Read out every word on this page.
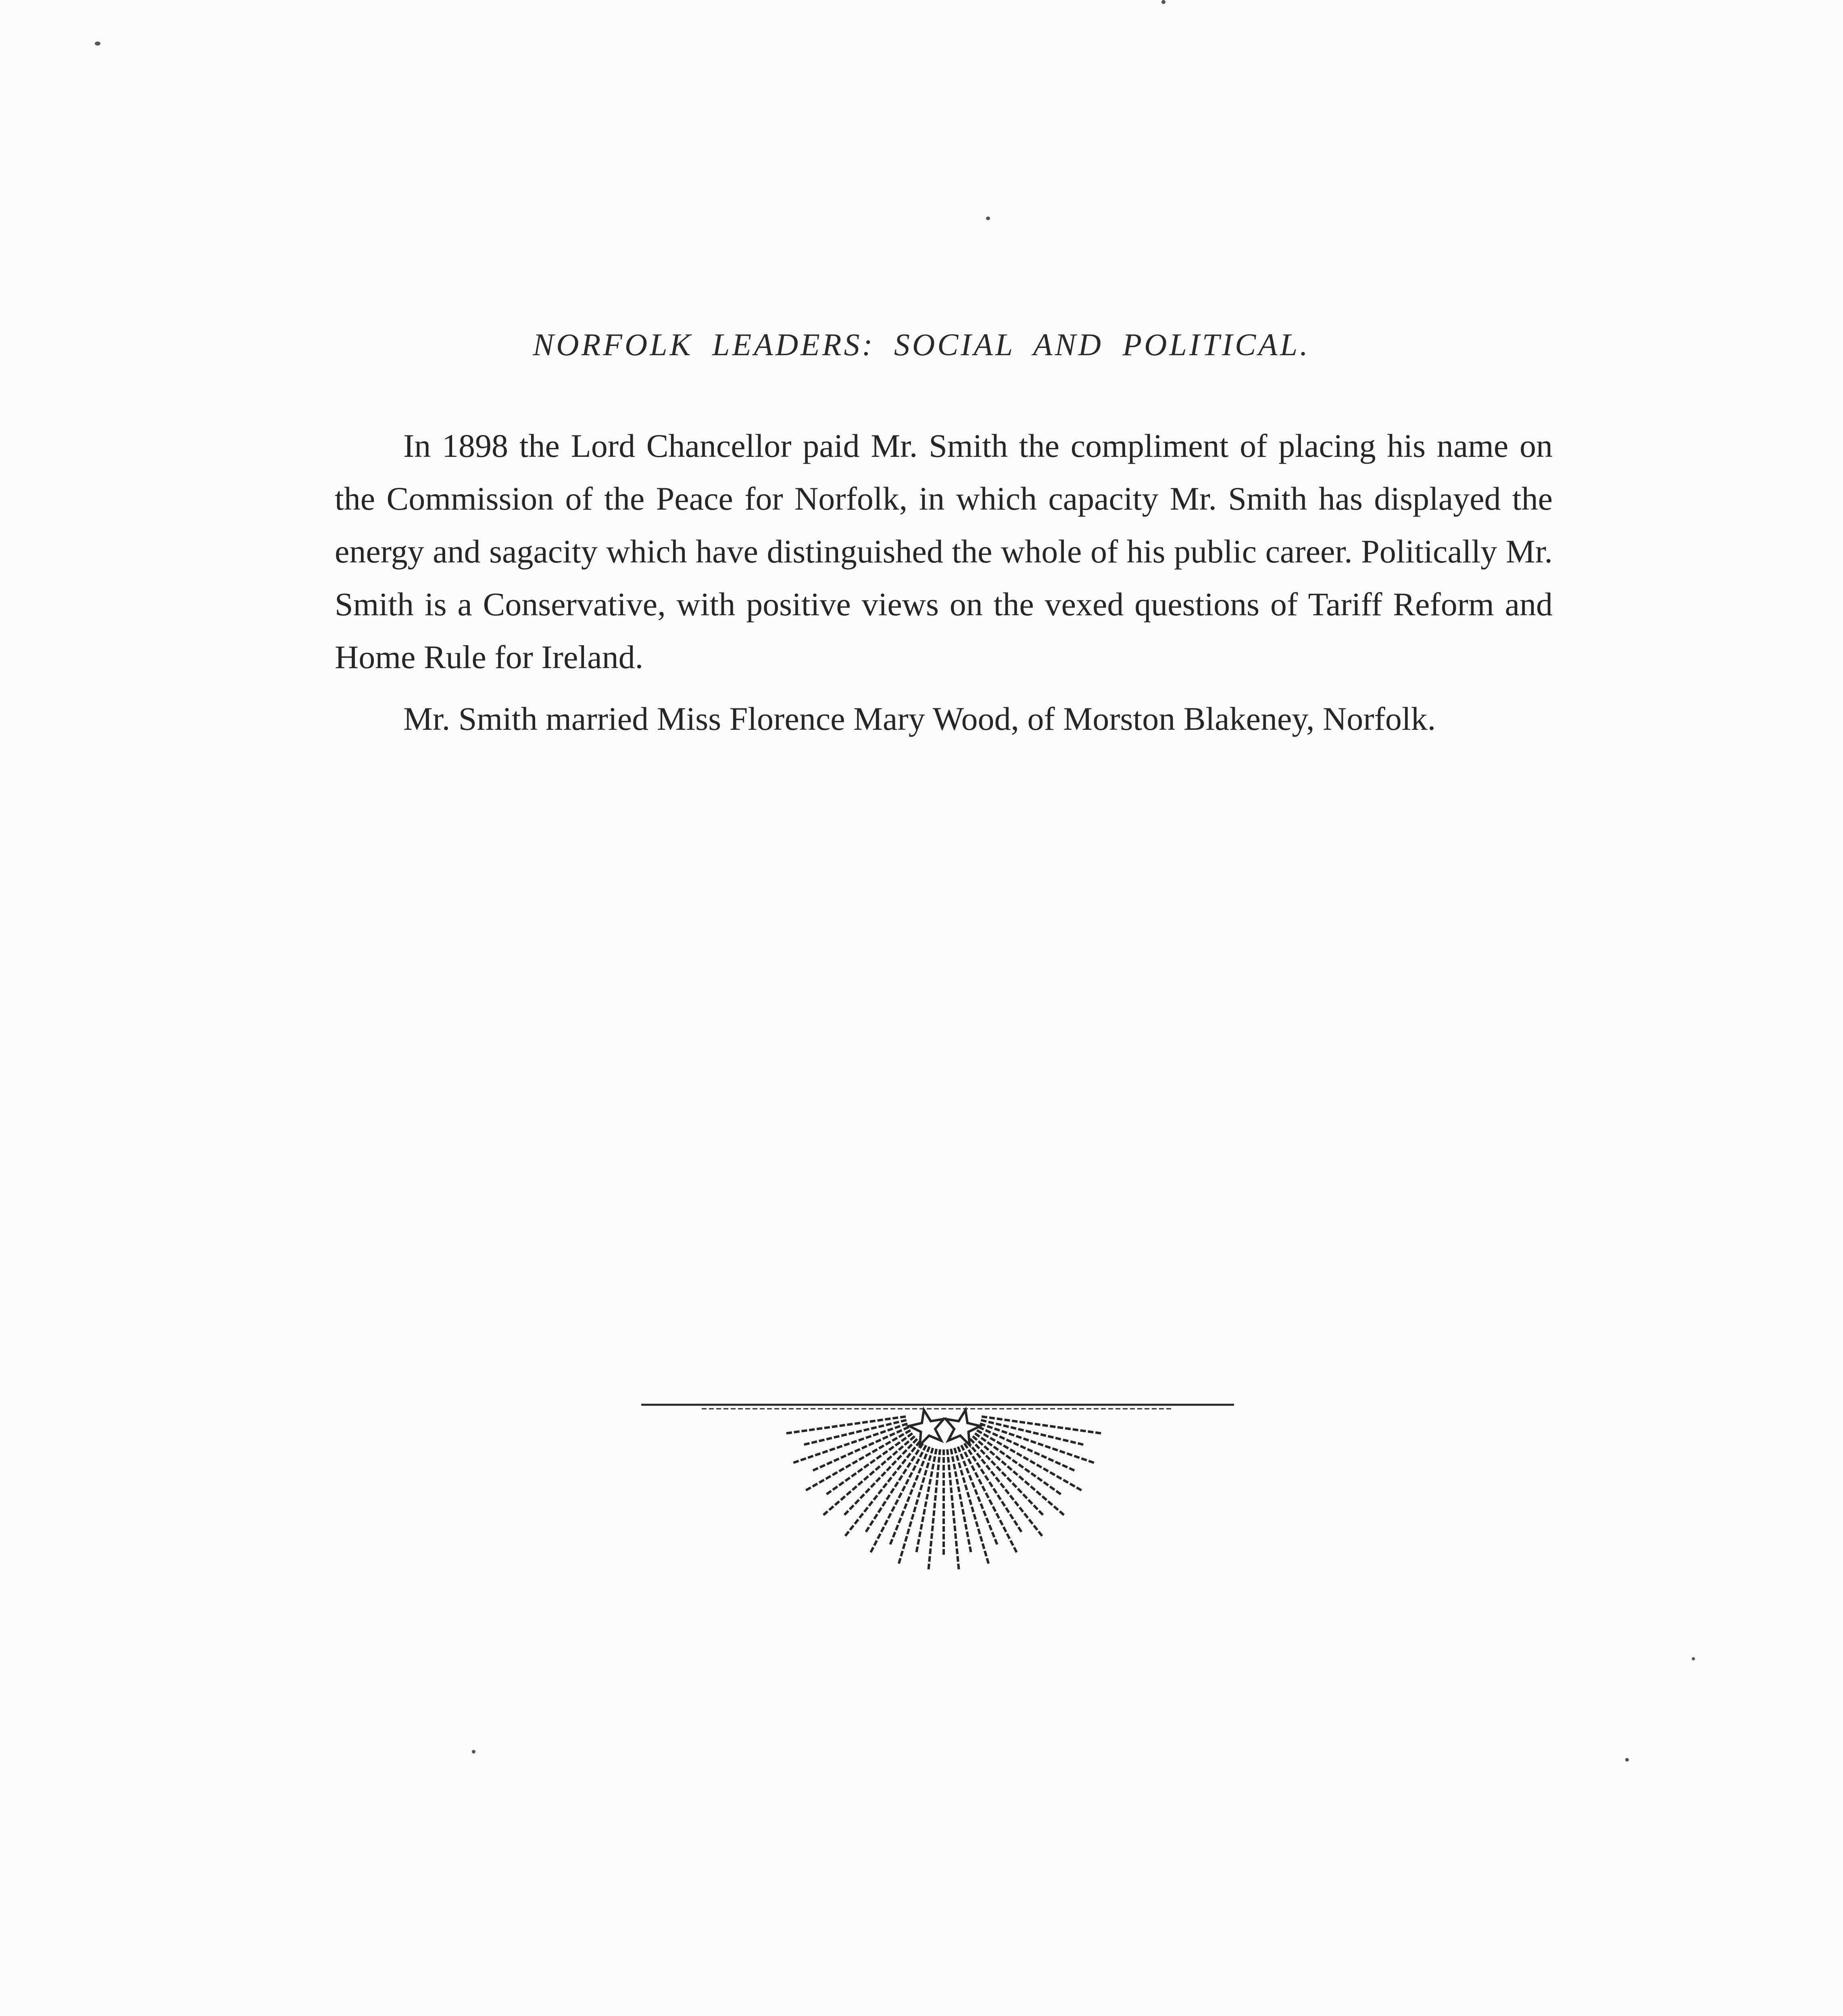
NORFOLK LEADERS: SOCIAL AND POLITICAL.

In 1898 the Lord Chancellor paid Mr. Smith the compliment of placing his name on the Commission of the Peace for Norfolk, in which capacity Mr. Smith has displayed the energy and sagacity which have distinguished the whole of his public career. Politically Mr. Smith is a Conservative, with positive views on the vexed questions of Tariff Reform and Home Rule for Ireland.

Mr. Smith married Miss Florence Mary Wood, of Morston Blakeney, Norfolk.
